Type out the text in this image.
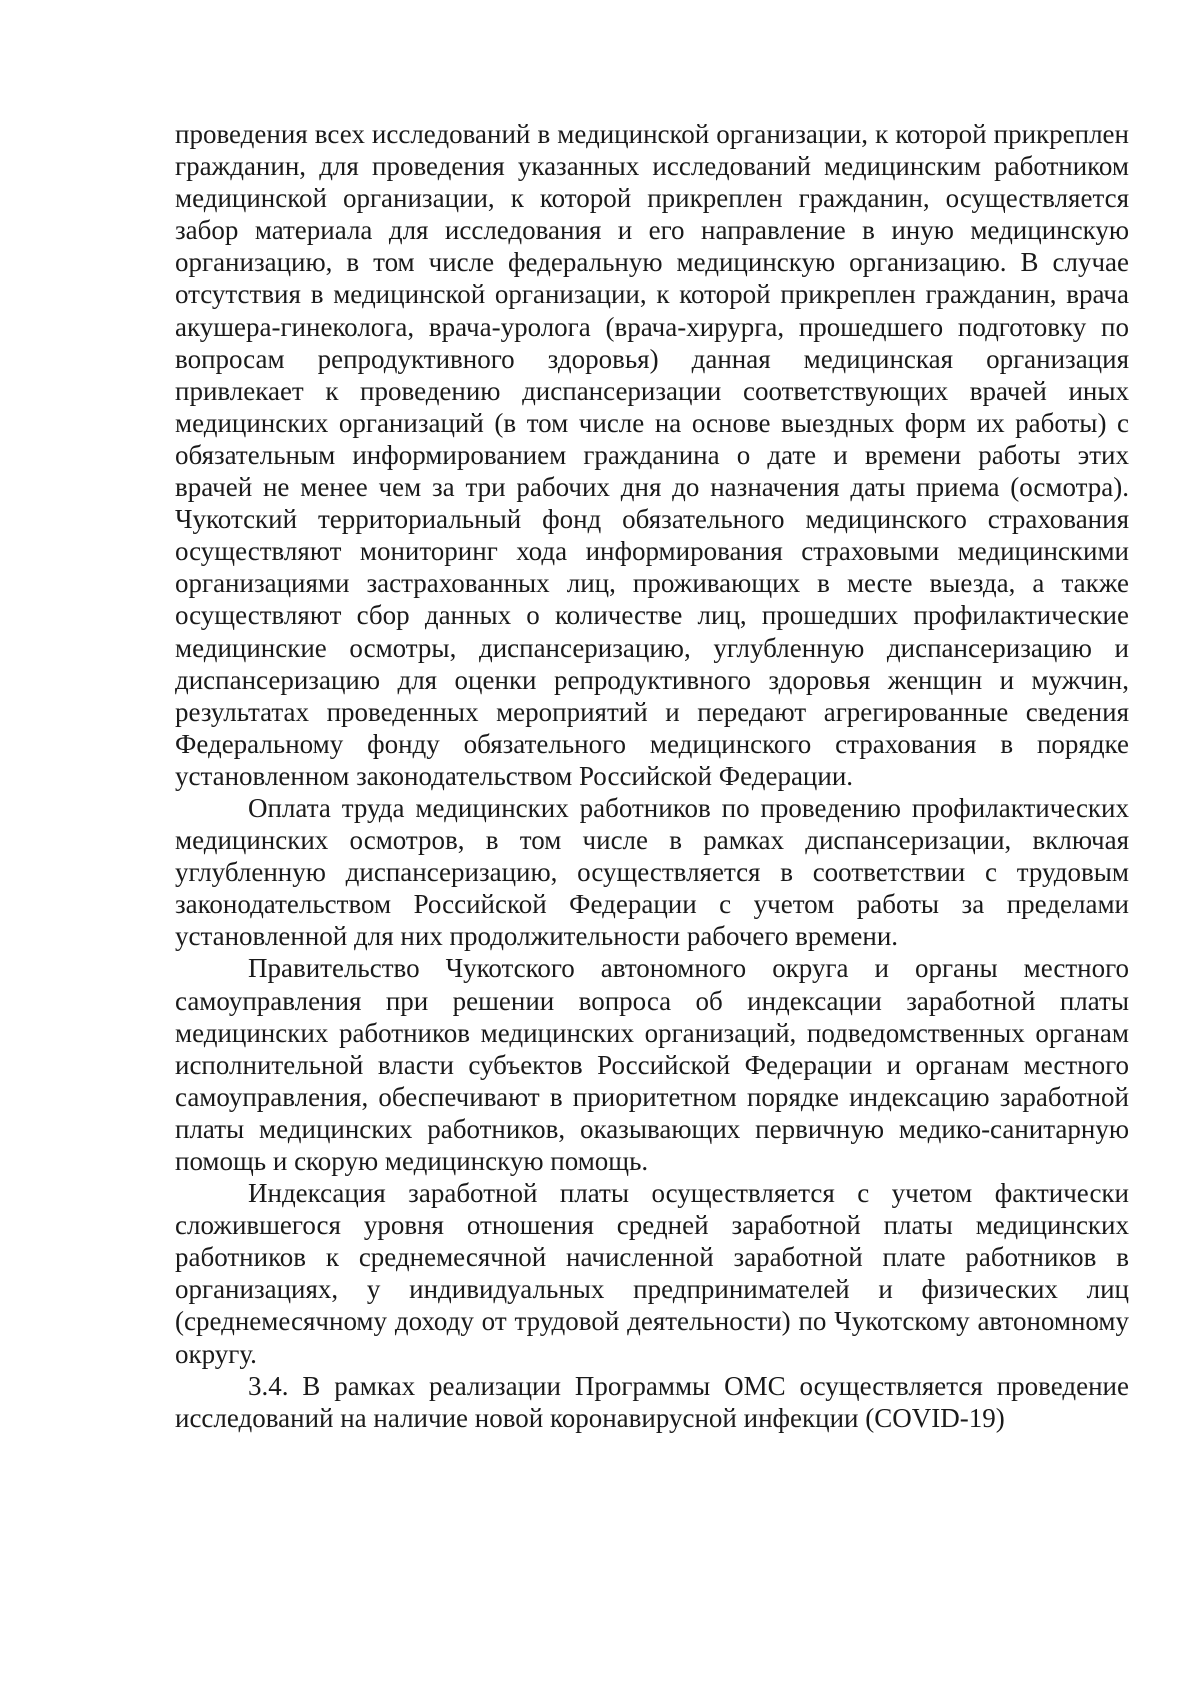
проведения всех исследований в медицинской организации, к которой прикреплен гражданин, для проведения указанных исследований медицинским работником медицинской организации, к которой прикреплен гражданин, осуществляется забор материала для исследования и его направление в иную медицинскую организацию, в том числе федеральную медицинскую организацию. В случае отсутствия в медицинской организации, к которой прикреплен гражданин, врача акушера-гинеколога, врача-уролога (врача-хирурга, прошедшего подготовку по вопросам репродуктивного здоровья) данная медицинская организация привлекает к проведению диспансеризации соответствующих врачей иных медицинских организаций (в том числе на основе выездных форм их работы) с обязательным информированием гражданина о дате и времени работы этих врачей не менее чем за три рабочих дня до назначения даты приема (осмотра). Чукотский территориальный фонд обязательного медицинского страхования осуществляют мониторинг хода информирования страховыми медицинскими организациями застрахованных лиц, проживающих в месте выезда, а также осуществляют сбор данных о количестве лиц, прошедших профилактические медицинские осмотры, диспансеризацию, углубленную диспансеризацию и диспансеризацию для оценки репродуктивного здоровья женщин и мужчин, результатах проведенных мероприятий и передают агрегированные сведения Федеральному фонду обязательного медицинского страхования в порядке установленном законодательством Российской Федерации.

Оплата труда медицинских работников по проведению профилактических медицинских осмотров, в том числе в рамках диспансеризации, включая углубленную диспансеризацию, осуществляется в соответствии с трудовым законодательством Российской Федерации с учетом работы за пределами установленной для них продолжительности рабочего времени.

Правительство Чукотского автономного округа и органы местного самоуправления при решении вопроса об индексации заработной платы медицинских работников медицинских организаций, подведомственных органам исполнительной власти субъектов Российской Федерации и органам местного самоуправления, обеспечивают в приоритетном порядке индексацию заработной платы медицинских работников, оказывающих первичную медико-санитарную помощь и скорую медицинскую помощь.

Индексация заработной платы осуществляется с учетом фактически сложившегося уровня отношения средней заработной платы медицинских работников к среднемесячной начисленной заработной плате работников в организациях, у индивидуальных предпринимателей и физических лиц (среднемесячному доходу от трудовой деятельности) по Чукотскому автономному округу.

3.4. В рамках реализации Программы ОМС осуществляется проведение исследований на наличие новой коронавирусной инфекции (COVID-19)
